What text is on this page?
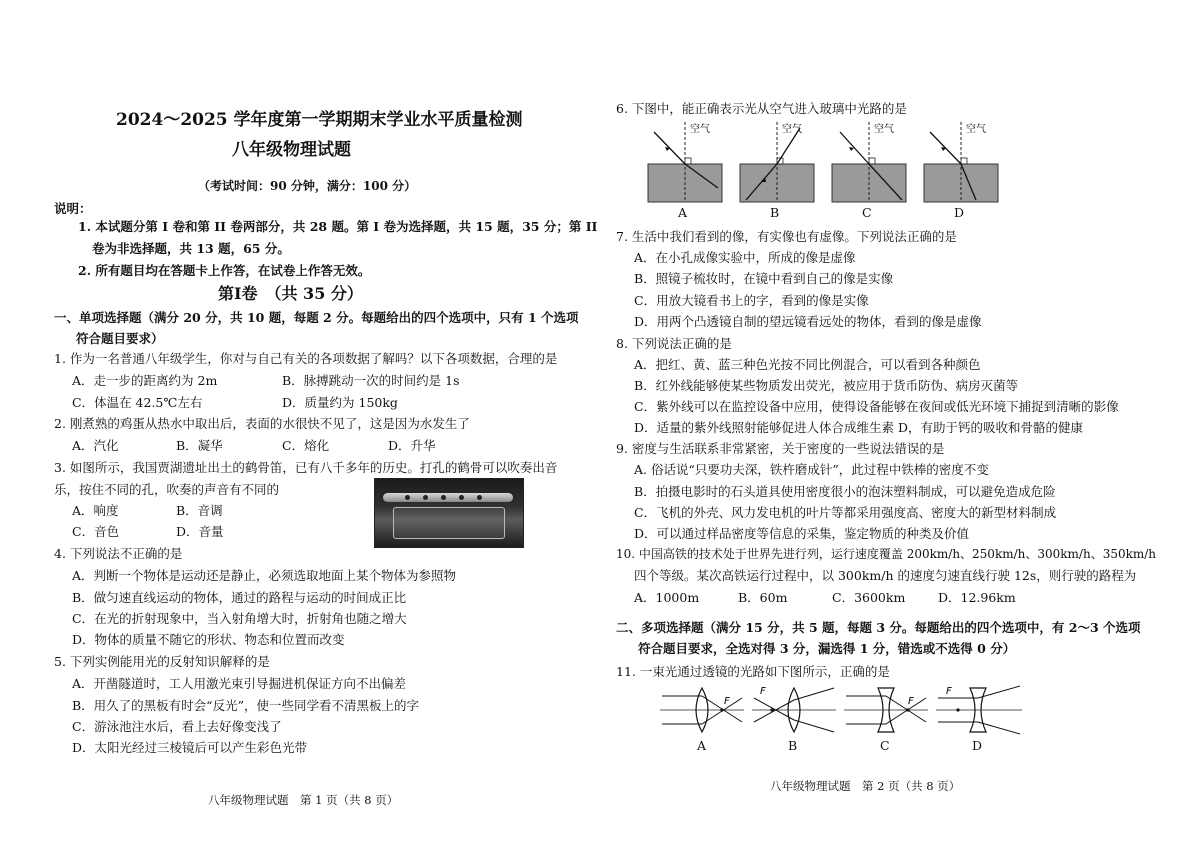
2024～2025 学年度第一学期期末学业水平质量检测
八年级物理试题
（考试时间：90 分钟，满分：100 分）
说明：
1. 本试题分第 I 卷和第 II 卷两部分，共 28 题。第 I 卷为选择题，共 15 题，35 分；第 II
卷为非选择题，共 13 题，65 分。
2. 所有题目均在答题卡上作答，在试卷上作答无效。
第Ⅰ卷　（共 35 分）
一、单项选择题（满分 20 分，共 10 题，每题 2 分。每题给出的四个选项中，只有 1 个选项
符合题目要求）
1. 作为一名普通八年级学生，你对与自己有关的各项数据了解吗？以下各项数据，合理的是
A．走一步的距离约为 2m	B．脉搏跳动一次的时间约是 1s
C．体温在 42.5℃左右	D．质量约为 150kg
2. 刚煮熟的鸡蛋从热水中取出后，表面的水很快不见了，这是因为水发生了
A．汽化	B．凝华	C．熔化	D．升华
3. 如图所示，我国贾湖遗址出土的鹤骨笛，已有八千多年的历史。打孔的鹤骨可以吹奏出音
乐，按住不同的孔，吹奏的声音有不同的
A．响度	B．音调
C．音色	D．音量
4. 下列说法不正确的是
A．判断一个物体是运动还是静止，必须选取地面上某个物体为参照物
B．做匀速直线运动的物体，通过的路程与运动的时间成正比
C．在光的折射现象中，当入射角增大时，折射角也随之增大
D．物体的质量不随它的形状、物态和位置而改变
5. 下列实例能用光的反射知识解释的是
A．开凿隧道时，工人用激光束引导掘进机保证方向不出偏差
B．用久了的黑板有时会“反光”，使一些同学看不清黑板上的字
C．游泳池注水后，看上去好像变浅了
D．太阳光经过三棱镜后可以产生彩色光带
八年级物理试题　第 1 页（共 8 页）
6. 下图中，能正确表示光从空气进入玻璃中光路的是
空气	空气	空气	空气
A	B	C	D
7. 生活中我们看到的像，有实像也有虚像。下列说法正确的是
A．在小孔成像实验中，所成的像是虚像
B．照镜子梳妆时，在镜中看到自己的像是实像
C．用放大镜看书上的字，看到的像是实像
D．用两个凸透镜自制的望远镜看远处的物体，看到的像是虚像
8. 下列说法正确的是
A．把红、黄、蓝三种色光按不同比例混合，可以看到各种颜色
B．红外线能够使某些物质发出荧光，被应用于货币防伪、病房灭菌等
C．紫外线可以在监控设备中应用，使得设备能够在夜间或低光环境下捕捉到清晰的影像
D．适量的紫外线照射能够促进人体合成维生素 D，有助于钙的吸收和骨骼的健康
9. 密度与生活联系非常紧密，关于密度的一些说法错误的是
A. 俗话说“只要功夫深，铁杵磨成针”，此过程中铁棒的密度不变
B．拍摄电影时的石头道具使用密度很小的泡沫塑料制成，可以避免造成危险
C．飞机的外壳、风力发电机的叶片等都采用强度高、密度大的新型材料制成
D．可以通过样品密度等信息的采集，鉴定物质的种类及价值
10. 中国高铁的技术处于世界先进行列，运行速度覆盖 200km/h、250km/h、300km/h、350km/h
四个等级。某次高铁运行过程中，以 300km/h 的速度匀速直线行驶 12s，则行驶的路程为
A．1000m	B．60m	C．3600km	D．12.96km
二、多项选择题（满分 15 分，共 5 题，每题 3 分。每题给出的四个选项中，有 2～3 个选项
符合题目要求，全选对得 3 分，漏选得 1 分，错选或不选得 0 分）
11. 一束光通过透镜的光路如下图所示，正确的是
F
F
F
F
A	B	C	D
八年级物理试题　第 2 页（共 8 页）
